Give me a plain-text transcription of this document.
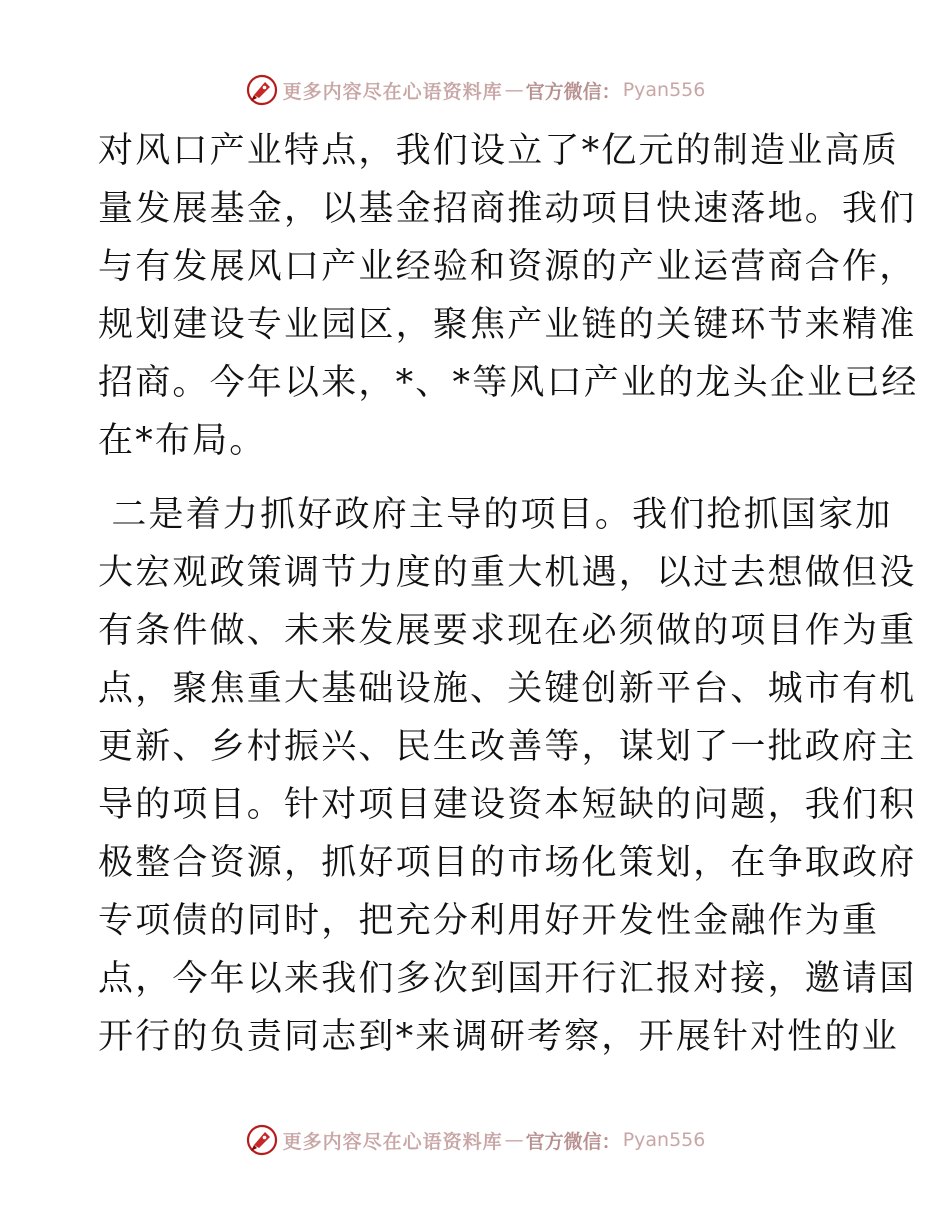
更多内容尽在心语资料库 — 官方微信： Pyan556
对风口产业特点，我们设立了*亿元的制造业高质
量发展基金，以基金招商推动项目快速落地。我们
与有发展风口产业经验和资源的产业运营商合作，
规划建设专业园区，聚焦产业链的关键环节来精准
招商。今年以来，*、*等风口产业的龙头企业已经
在*布局。
二是着力抓好政府主导的项目。我们抢抓国家加
大宏观政策调节力度的重大机遇，以过去想做但没
有条件做、未来发展要求现在必须做的项目作为重
点，聚焦重大基础设施、关键创新平台、城市有机
更新、乡村振兴、民生改善等，谋划了一批政府主
导的项目。针对项目建设资本短缺的问题，我们积
极整合资源，抓好项目的市场化策划，在争取政府
专项债的同时，把充分利用好开发性金融作为重
点，今年以来我们多次到国开行汇报对接，邀请国
开行的负责同志到*来调研考察，开展针对性的业
更多内容尽在心语资料库 — 官方微信： Pyan556
